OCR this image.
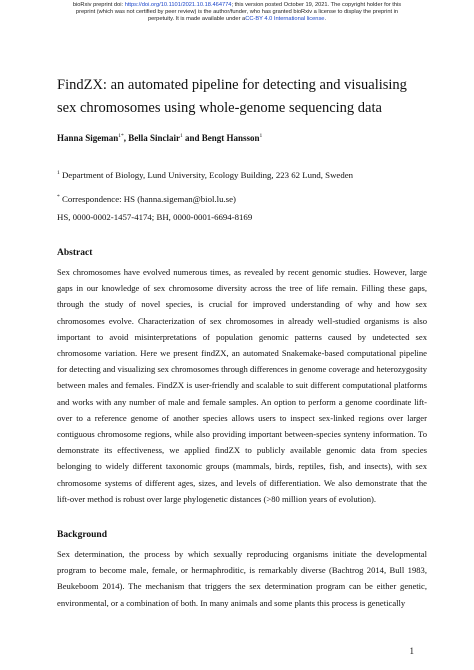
bioRxiv preprint doi: https://doi.org/10.1101/2021.10.18.464774; this version posted October 19, 2021. The copyright holder for this
preprint (which was not certified by peer review) is the author/funder, who has granted bioRxiv a license to display the preprint in
perpetuity. It is made available under aCC-BY 4.0 International license.
FindZX: an automated pipeline for detecting and visualising sex chromosomes using whole-genome sequencing data
Hanna Sigeman$^{1*}$, Bella Sinclair$^1$ and Bengt Hansson$^1$
$^1$ Department of Biology, Lund University, Ecology Building, 223 62 Lund, Sweden
* Correspondence: HS (hanna.sigeman@biol.lu.se)
HS, 0000-0002-1457-4174; BH, 0000-0001-6694-8169
Abstract

Sex chromosomes have evolved numerous times, as revealed by recent genomic studies. However, large gaps in our knowledge of sex chromosome diversity across the tree of life remain. Filling these gaps, through the study of novel species, is crucial for improved understanding of why and how sex chromosomes evolve. Characterization of sex chromosomes in already well-studied organisms is also important to avoid misinterpretations of population genomic patterns caused by undetected sex chromosome variation. Here we present findZX, an automated Snakemake-based computational pipeline for detecting and visualizing sex chromosomes through differences in genome coverage and heterozygosity between males and females. FindZX is user-friendly and scalable to suit different computational platforms and works with any number of male and female samples. An option to perform a genome coordinate lift-over to a reference genome of another species allows users to inspect sex-linked regions over larger contiguous chromosome regions, while also providing important between-species synteny information. To demonstrate its effectiveness, we applied findZX to publicly available genomic data from species belonging to widely different taxonomic groups (mammals, birds, reptiles, fish, and insects), with sex chromosome systems of different ages, sizes, and levels of differentiation. We also demonstrate that the lift-over method is robust over large phylogenetic distances (>80 million years of evolution).

Background

Sex determination, the process by which sexually reproducing organisms initiate the developmental program to become male, female, or hermaphroditic, is remarkably diverse (Bachtrog 2014, Bull 1983, Beukeboom 2014). The mechanism that triggers the sex determination program can be either genetic, environmental, or a combination of both. In many animals and some plants this process is genetically

1
